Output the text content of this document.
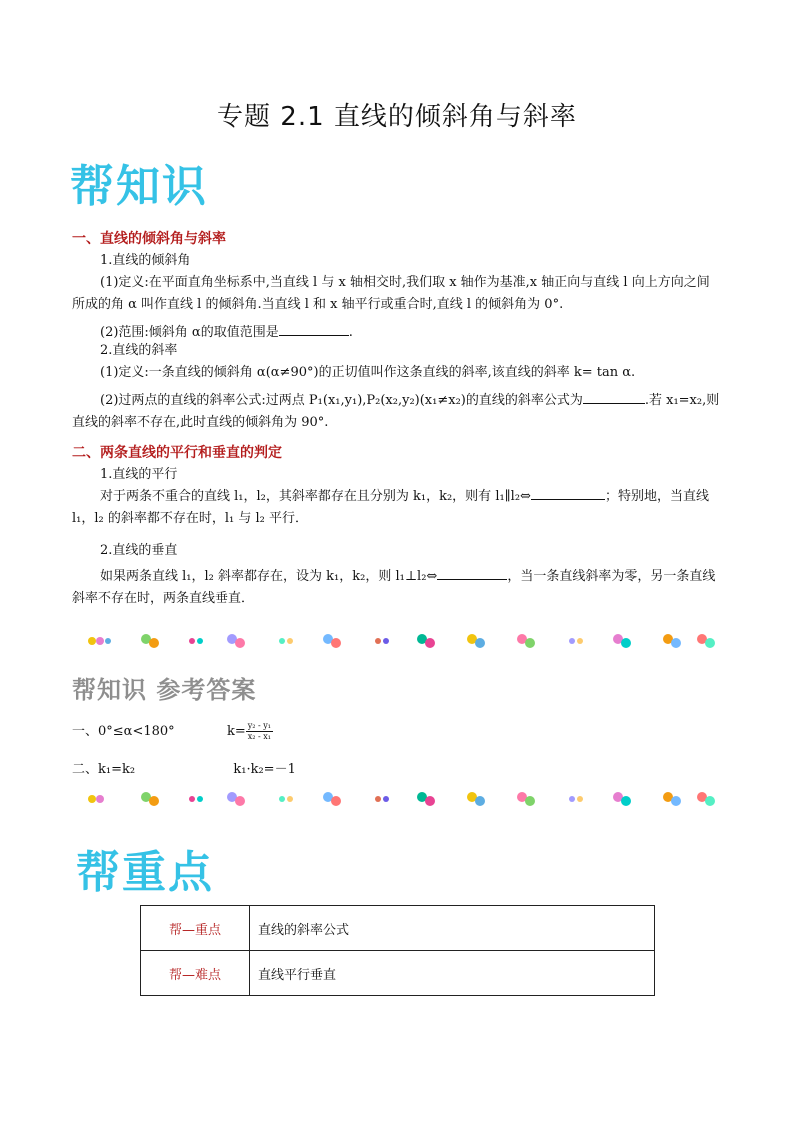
专题 2.1 直线的倾斜角与斜率
帮知识
一、直线的倾斜角与斜率
1.直线的倾斜角
(1)定义:在平面直角坐标系中,当直线 l 与 x 轴相交时,我们取 x 轴作为基准,x 轴正向与直线 l 向上方向之间所成的角 α 叫作直线 l 的倾斜角.当直线 l 和 x 轴平行或重合时,直线 l 的倾斜角为 0°.
(2)范围:倾斜角 α的取值范围是	.
2.直线的斜率
(1)定义:一条直线的倾斜角 α(α≠90°)的正切值叫作这条直线的斜率,该直线的斜率 k= tan α.
(2)过两点的直线的斜率公式:过两点 P₁(x₁,y₁),P₂(x₂,y₂)(x₁≠x₂)的直线的斜率公式为	.若 x₁=x₂,则直线的斜率不存在,此时直线的倾斜角为 90°.
二、两条直线的平行和垂直的判定
1.直线的平行
对于两条不重合的直线 l₁，l₂，其斜率都存在且分别为 k₁，k₂，则有 l₁∥l₂⇔	；特别地，当直线 l₁，l₂ 的斜率都不存在时，l₁ 与 l₂ 平行．
2.直线的垂直
如果两条直线 l₁，l₂ 斜率都存在，设为 k₁，k₂，则 l₁⊥l₂⇔	，当一条直线斜率为零，另一条直线斜率不存在时，两条直线垂直．
帮知识 参考答案
一、0°≤α<180°	$k= \frac{\text{y₂ - y₁}}{\text{x₂ - x₁}}$
二、k₁=k₂	k₁·k₂=－1
帮重点
帮—重点	直线的斜率公式
帮—难点	直线平行垂直
